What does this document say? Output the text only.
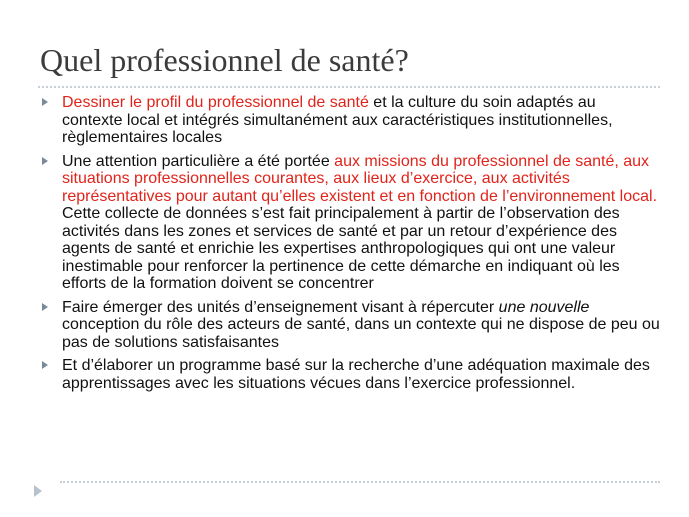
Quel professionnel de santé?
Dessiner le profil du professionnel de santé et la culture du soin adaptés au contexte local et intégrés simultanément aux caractéristiques institutionnelles, règlementaires locales
Une attention particulière a été portée aux missions du professionnel de santé, aux situations professionnelles courantes, aux lieux d’exercice, aux activités représentatives pour autant qu’elles existent et en fonction de l’environnement local. Cette collecte de données s’est fait principalement à partir de l’observation des activités dans les zones et services de santé et par un retour d’expérience des agents de santé et enrichie les expertises anthropologiques qui ont une valeur inestimable pour renforcer la pertinence de cette démarche en indiquant où les efforts de la formation doivent se concentrer
Faire émerger des unités d’enseignement visant à répercuter une nouvelle conception du rôle des acteurs de santé, dans un contexte qui ne dispose de peu ou pas de solutions satisfaisantes
Et d’élaborer un programme basé sur la recherche d’une adéquation maximale des apprentissages avec les situations vécues dans l’exercice professionnel.
